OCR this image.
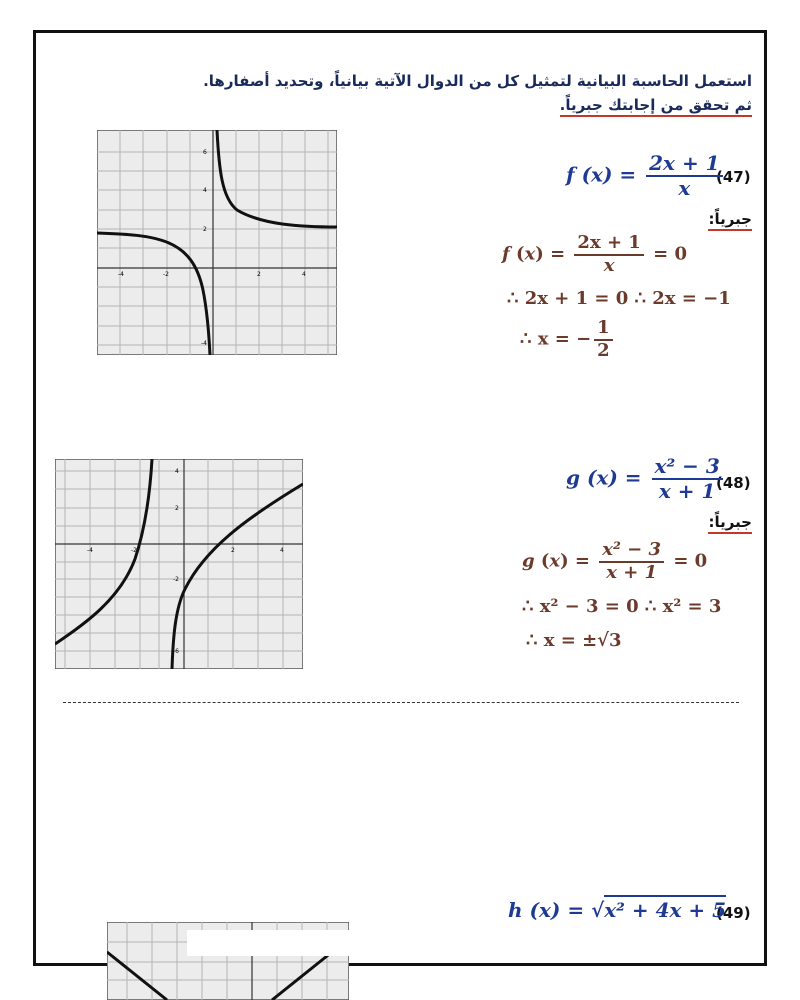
استعمل الحاسبة البيانية لتمثيل كل من الدوال الآتية بيانياً، وتحديد أصفارها.
ثم تحقق من إجابتك جبرياً.
(47)
f $(x) = \frac{2x + 1}{x}$
جبرياً:
f $(x) = \frac{2x + 1}{x} = 0$
∴ 2x + 1 = 0 ∴ 2x = −1
∴ x = − $\frac{1}{2}$
-4	-2	2	4
6
4
2
-4
(48)
g $(x) = \frac{\text{x² − 3}}{x + 1}$
جبرياً:
g $(x) = \frac{\text{x² − 3}}{x + 1} = 0$
∴ x² − 3 = 0 ∴ x² = 3
∴ x = ±√3
-4	-2	2	4
4
2
-2
-6
(49)
h (x) = √x² + 4x + 5
